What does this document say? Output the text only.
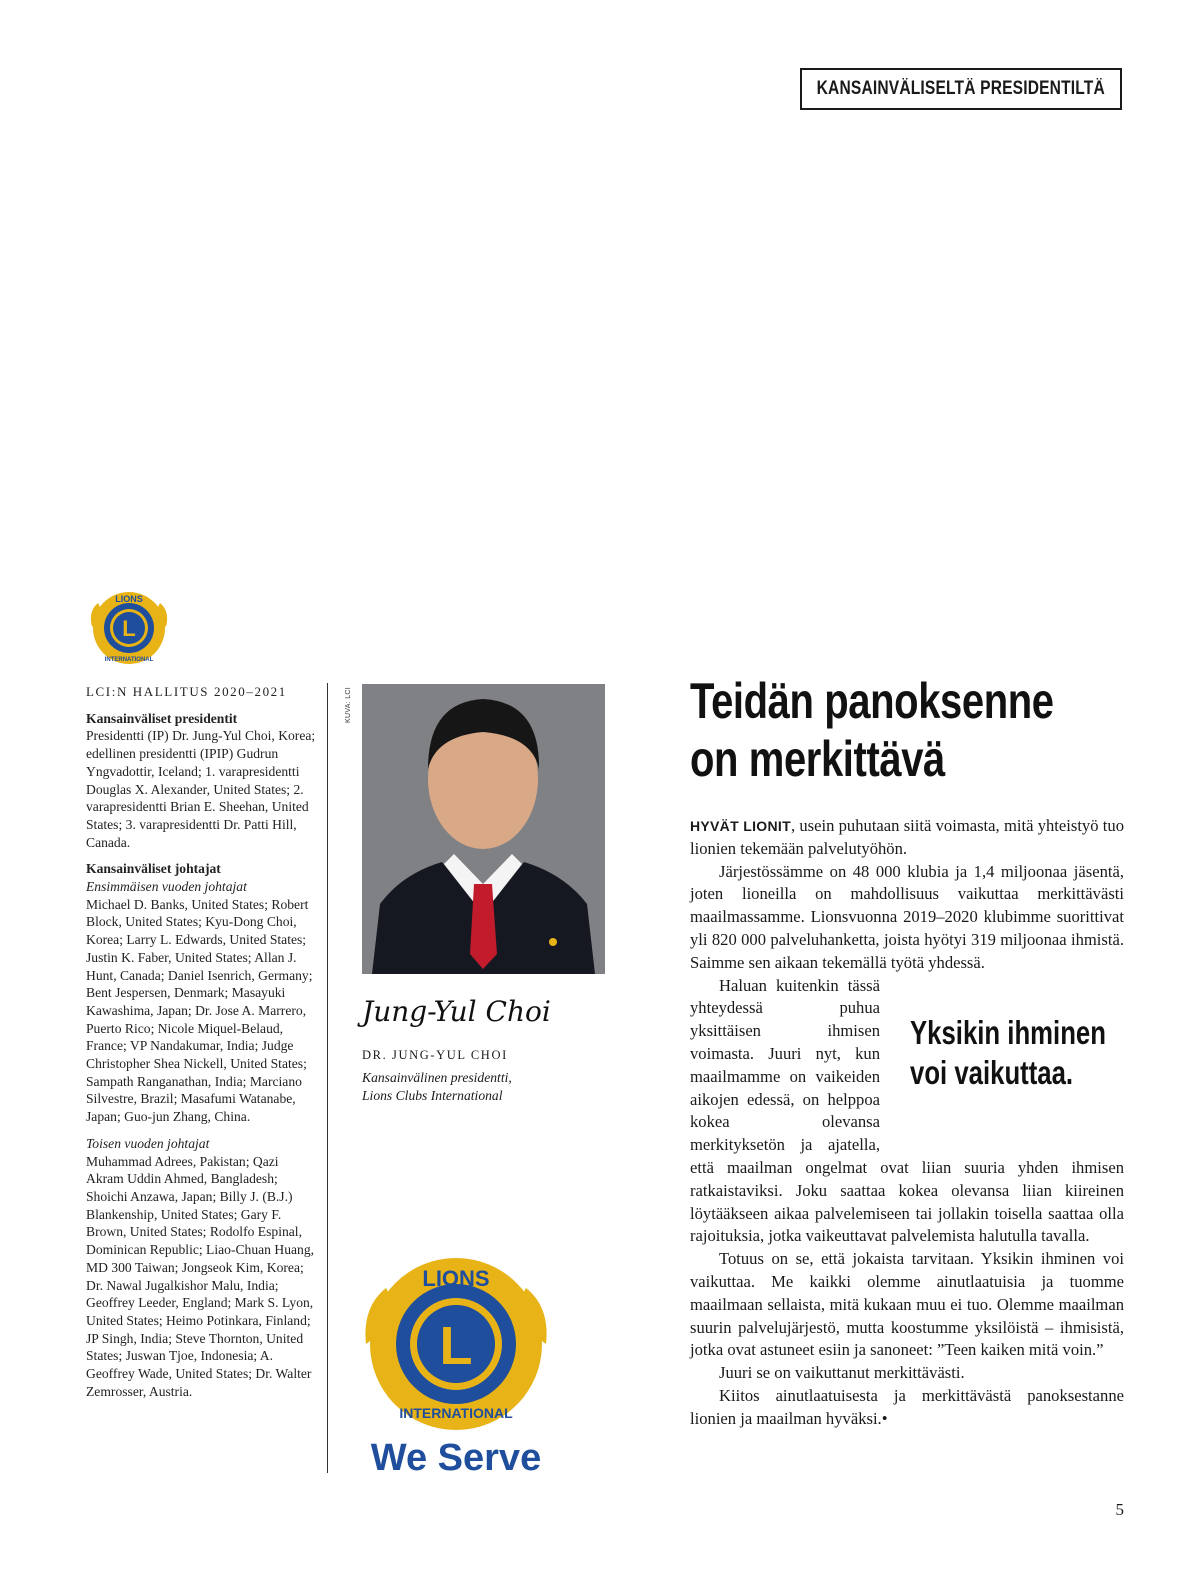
KANSAINVÄLISELTÄ PRESIDENTILTÄ
L
LIONS
INTERNATIONAL
LCI:N HALLITUS 2020–2021
Kansainväliset presidentit

Presidentti (IP) Dr. Jung-Yul Choi, Korea; edellinen presidentti (IPIP) Gudrun Yngvadottir, Iceland; 1. varapresidentti Douglas X. Alexander, United States; 2. varapresidentti Brian E. Sheehan, United States; 3. varapresidentti Dr. Patti Hill, Canada.

Kansainväliset johtajat
Ensimmäisen vuoden johtajat

Michael D. Banks, United States; Robert Block, United States; Kyu-Dong Choi, Korea; Larry L. Edwards, United States; Justin K. Faber, United States; Allan J. Hunt, Canada; Daniel Isenrich, Germany; Bent Jespersen, Denmark; Masayuki Kawashima, Japan; Dr. Jose A. Marrero, Puerto Rico; Nicole Miquel-Belaud, France; VP Nandakumar, India; Judge Christopher Shea Nickell, United States; Sampath Ranganathan, India; Marciano Silvestre, Brazil; Masafumi Watanabe, Japan; Guo-jun Zhang, China.

Toisen vuoden johtajat

Muhammad Adrees, Pakistan; Qazi Akram Uddin Ahmed, Bangladesh; Shoichi Anzawa, Japan; Billy J. (B.J.) Blankenship, United States; Gary F. Brown, United States; Rodolfo Espinal, Dominican Republic; Liao-Chuan Huang, MD 300 Taiwan; Jongseok Kim, Korea; Dr. Nawal Jugalkishor Malu, India; Geoffrey Leeder, England; Mark S. Lyon, United States; Heimo Potinkara, Finland; JP Singh, India; Steve Thornton, United States; Juswan Tjoe, Indonesia; A. Geoffrey Wade, United States; Dr. Walter Zemrosser, Austria.

KUVA: LCI
Jung-Yul Choi
DR. JUNG-YUL CHOI
Kansainvälinen presidentti,
Lions Clubs International
L
LIONS
INTERNATIONAL
We Serve
Teidän panoksenne
on merkittävä

HYVÄT LIONIT, usein puhutaan siitä voimasta, mitä yhteistyö tuo lionien tekemään palvelutyöhön.

Järjestössämme on 48 000 klubia ja 1,4 miljoonaa jäsentä, joten lioneilla on mahdollisuus vaikuttaa merkittävästi maailmassamme. Lionsvuonna 2019–2020 klubimme suorittivat yli 820 000 palveluhanketta, joista hyötyi 319 miljoonaa ihmistä. Saimme sen aikaan tekemällä työtä yhdessä.

Yksikin ihminen
voi vaikuttaa.

Haluan kuitenkin tässä yhteydessä puhua yksittäisen ihmisen voimasta. Juuri nyt, kun maailmamme on vaikeiden aikojen edessä, on helppoa kokea olevansa merkityksetön ja ajatella, että maailman ongelmat ovat liian suuria yhden ihmisen ratkaistaviksi. Joku saattaa kokea olevansa liian kiireinen löytääkseen aikaa palvelemiseen tai jollakin toisella saattaa olla rajoituksia, jotka vaikeuttavat palvelemista halutulla tavalla.

Totuus on se, että jokaista tarvitaan. Yksikin ihminen voi vaikuttaa. Me kaikki olemme ainutlaatuisia ja tuomme maailmaan sellaista, mitä kukaan muu ei tuo. Olemme maailman suurin palvelujärjestö, mutta koostumme yksilöistä – ihmisistä, jotka ovat astuneet esiin ja sanoneet: ”Teen kaiken mitä voin.”

Juuri se on vaikuttanut merkittävästi.

Kiitos ainutlaatuisesta ja merkittävästä panoksestanne lionien ja maailman hyväksi.•

5
